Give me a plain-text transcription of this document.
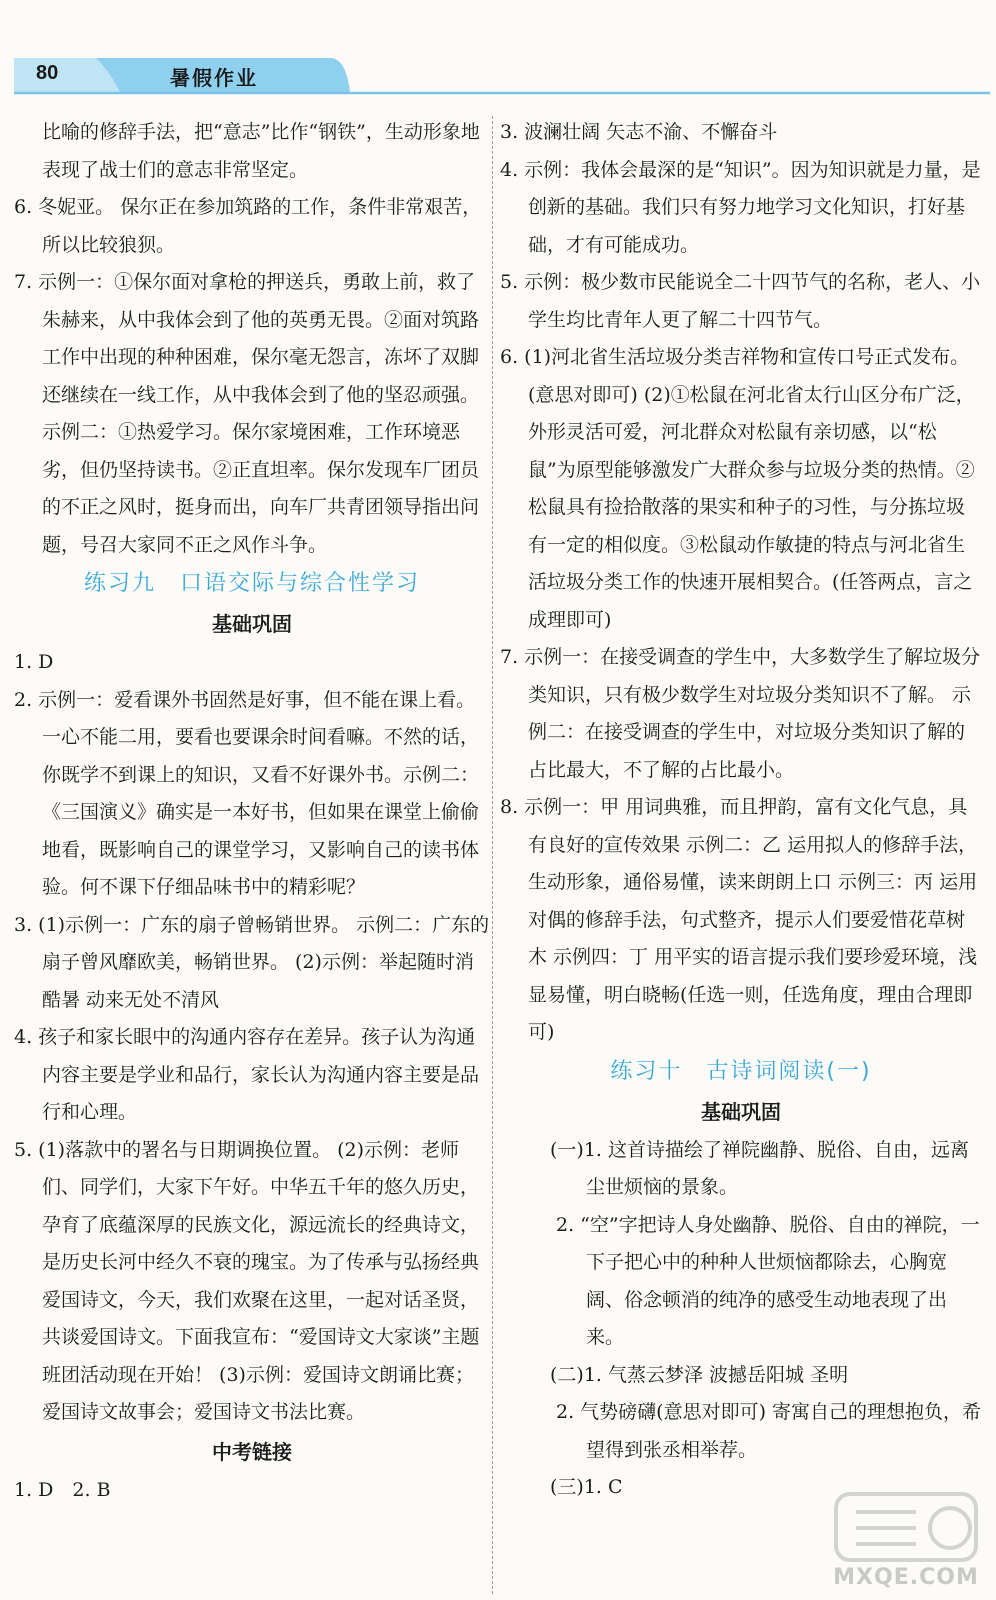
80	暑假作业
比喻的修辞手法，把“意志”比作“钢铁”，生动形象地表现了战士们的意志非常坚定。
6. 冬妮亚。 保尔正在参加筑路的工作，条件非常艰苦，所以比较狼狈。
7. 示例一：①保尔面对拿枪的押送兵，勇敢上前，救了朱赫来，从中我体会到了他的英勇无畏。②面对筑路工作中出现的种种困难，保尔毫无怨言，冻坏了双脚还继续在一线工作，从中我体会到了他的坚忍顽强。 示例二：①热爱学习。保尔家境困难，工作环境恶劣，但仍坚持读书。②正直坦率。保尔发现车厂团员的不正之风时，挺身而出，向车厂共青团领导指出问题，号召大家同不正之风作斗争。
练习九　口语交际与综合性学习
基础巩固
1. D
2. 示例一：爱看课外书固然是好事，但不能在课上看。一心不能二用，要看也要课余时间看嘛。不然的话，你既学不到课上的知识，又看不好课外书。示例二：《三国演义》确实是一本好书，但如果在课堂上偷偷地看，既影响自己的课堂学习，又影响自己的读书体验。何不课下仔细品味书中的精彩呢？
3. (1)示例一：广东的扇子曾畅销世界。 示例二：广东的扇子曾风靡欧美，畅销世界。 (2)示例：举起随时消酷暑 动来无处不清风
4. 孩子和家长眼中的沟通内容存在差异。孩子认为沟通内容主要是学业和品行，家长认为沟通内容主要是品行和心理。
5. (1)落款中的署名与日期调换位置。 (2)示例：老师们、同学们，大家下午好。中华五千年的悠久历史，孕育了底蕴深厚的民族文化，源远流长的经典诗文，是历史长河中经久不衰的瑰宝。为了传承与弘扬经典爱国诗文，今天，我们欢聚在这里，一起对话圣贤，共谈爱国诗文。下面我宣布：“爱国诗文大家谈”主题班团活动现在开始！ (3)示例：爱国诗文朗诵比赛；爱国诗文故事会；爱国诗文书法比赛。
中考链接
1. D　2. B
3. 波澜壮阔 矢志不渝、不懈奋斗
4. 示例：我体会最深的是“知识”。因为知识就是力量，是创新的基础。我们只有努力地学习文化知识，打好基础，才有可能成功。
5. 示例：极少数市民能说全二十四节气的名称，老人、小学生均比青年人更了解二十四节气。
6. (1)河北省生活垃圾分类吉祥物和宣传口号正式发布。(意思对即可) (2)①松鼠在河北省太行山区分布广泛，外形灵活可爱，河北群众对松鼠有亲切感，以“松鼠”为原型能够激发广大群众参与垃圾分类的热情。②松鼠具有捡拾散落的果实和种子的习性，与分拣垃圾有一定的相似度。③松鼠动作敏捷的特点与河北省生活垃圾分类工作的快速开展相契合。(任答两点，言之成理即可)
7. 示例一：在接受调查的学生中，大多数学生了解垃圾分类知识，只有极少数学生对垃圾分类知识不了解。 示例二：在接受调查的学生中，对垃圾分类知识了解的占比最大，不了解的占比最小。
8. 示例一：甲 用词典雅，而且押韵，富有文化气息，具有良好的宣传效果 示例二：乙 运用拟人的修辞手法，生动形象，通俗易懂，读来朗朗上口 示例三：丙 运用对偶的修辞手法，句式整齐，提示人们要爱惜花草树木 示例四：丁 用平实的语言提示我们要珍爱环境，浅显易懂，明白晓畅(任选一则，任选角度，理由合理即可)
练习十　古诗词阅读(一)
基础巩固
(一)1. 这首诗描绘了禅院幽静、脱俗、自由，远离尘世烦恼的景象。
2. “空”字把诗人身处幽静、脱俗、自由的禅院，一下子把心中的种种人世烦恼都除去，心胸宽阔、俗念顿消的纯净的感受生动地表现了出来。
(二)1. 气蒸云梦泽 波撼岳阳城 圣明
2. 气势磅礴(意思对即可) 寄寓自己的理想抱负，希望得到张丞相举荐。
(三)1. C
MXQE.COM
